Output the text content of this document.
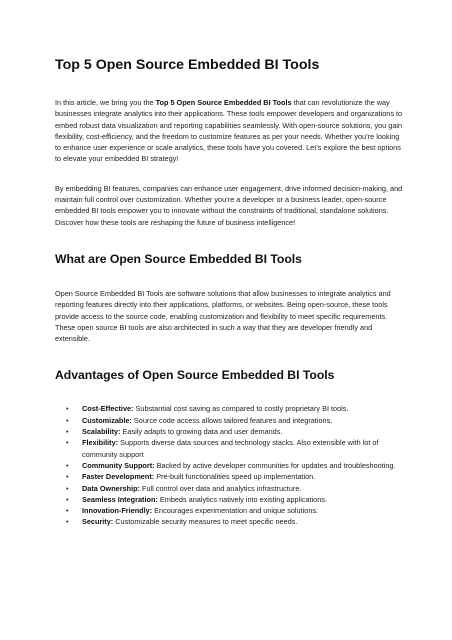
Top 5 Open Source Embedded BI Tools

In this article, we bring you the Top 5 Open Source Embedded BI Tools that can revolutionize the way businesses integrate analytics into their applications. These tools empower developers and organizations to embed robust data visualization and reporting capabilities seamlessly. With open-source solutions, you gain flexibility, cost-efficiency, and the freedom to customize features as per your needs. Whether you’re looking to enhance user experience or scale analytics, these tools have you covered. Let’s explore the best options to elevate your embedded BI strategy!

By embedding BI features, companies can enhance user engagement, drive informed decision-making, and maintain full control over customization. Whether you’re a developer or a business leader, open-source embedded BI tools empower you to innovate without the constraints of traditional, standalone solutions. Discover how these tools are reshaping the future of business intelligence!

What are Open Source Embedded BI Tools

Open Source Embedded BI Tools are software solutions that allow businesses to integrate analytics and reporting features directly into their applications, platforms, or websites. Being open-source, these tools provide access to the source code, enabling customization and flexibility to meet specific requirements. These open source BI tools are also architected in such a way that they are developer friendly and extensible.

Advantages of Open Source Embedded BI Tools
• Cost-Effective: Substantial cost saving as compared to costly proprietary BI tools.
• Customizable: Source code access allows tailored features and integrations.
• Scalability: Easily adapts to growing data and user demands.
• Flexibility: Supports diverse data sources and technology stacks. Also extensible with lot of community support
• Community Support: Backed by active developer communities for updates and troubleshooting.
• Faster Development: Pre-built functionalities speed up implementation.
• Data Ownership: Full control over data and analytics infrastructure.
• Seamless Integration: Embeds analytics natively into existing applications.
• Innovation-Friendly: Encourages experimentation and unique solutions.
• Security: Customizable security measures to meet specific needs.
